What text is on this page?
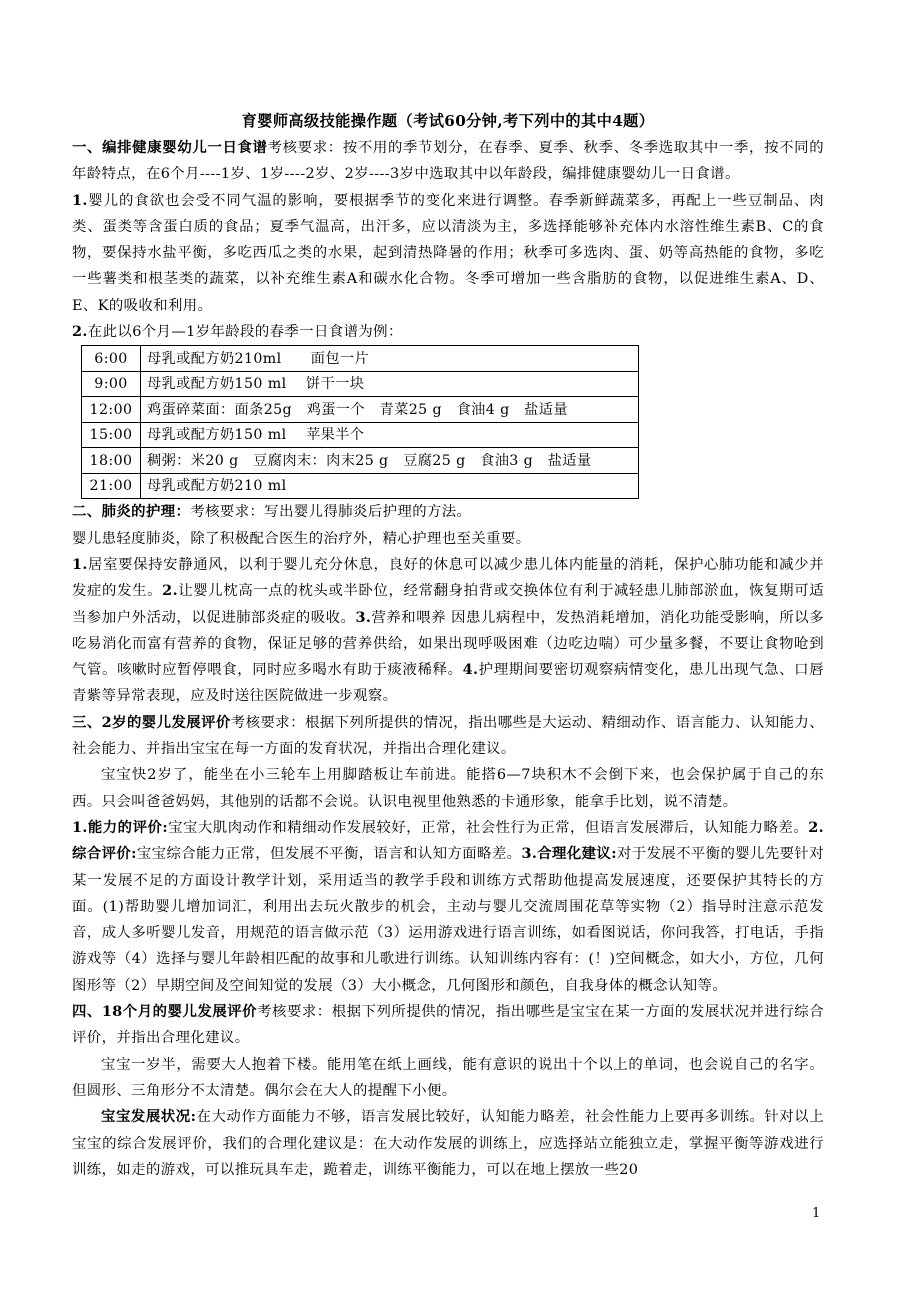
育婴师高级技能操作题（考试60分钟,考下列中的其中4题）

一、编排健康婴幼儿一日食谱考核要求：按不用的季节划分，在春季、夏季、秋季、冬季选取其中一季，按不同的年龄特点，在6个月----1岁、1岁----2岁、2岁----3岁中选取其中以年龄段，编排健康婴幼儿一日食谱。

1.婴儿的食欲也会受不同气温的影响，要根据季节的变化来进行调整。春季新鲜蔬菜多，再配上一些豆制品、肉类、蛋类等含蛋白质的食品；夏季气温高，出汗多，应以清淡为主，多选择能够补充体内水溶性维生素B、C的食物，要保持水盐平衡，多吃西瓜之类的水果，起到清热降暑的作用；秋季可多选肉、蛋、奶等高热能的食物，多吃一些薯类和根茎类的蔬菜，以补充维生素A和碳水化合物。冬季可增加一些含脂肪的食物，以促进维生素A、D、E、K的吸收和利用。

2.在此以6个月—1岁年龄段的春季一日食谱为例：

6:00	母乳或配方奶210ml　　面包一片
9:00	母乳或配方奶150 ml　 饼干一块
12:00	鸡蛋碎菜面：面条25g　鸡蛋一个　青菜25 g　食油4 g　盐适量
15:00	母乳或配方奶150 ml　 苹果半个
18:00	稠粥：米20 g　豆腐肉末：肉末25 g　豆腐25 g　食油3 g　盐适量
21:00	母乳或配方奶210 ml

二、肺炎的护理：考核要求：写出婴儿得肺炎后护理的方法。

婴儿患轻度肺炎，除了积极配合医生的治疗外，精心护理也至关重要。

1.居室要保持安静通风，以利于婴儿充分休息，良好的休息可以减少患儿体内能量的消耗，保护心肺功能和减少并发症的发生。2.让婴儿枕高一点的枕头或半卧位，经常翻身拍背或交换体位有利于减轻患儿肺部淤血，恢复期可适当参加户外活动，以促进肺部炎症的吸收。3.营养和喂养 因患儿病程中，发热消耗增加，消化功能受影响，所以多吃易消化而富有营养的食物，保证足够的营养供给，如果出现呼吸困难（边吃边喘）可少量多餐，不要让食物呛到气管。咳嗽时应暂停喂食，同时应多喝水有助于痰液稀释。4.护理期间要密切观察病情变化，患儿出现气急、口唇青紫等异常表现，应及时送往医院做进一步观察。

三、2岁的婴儿发展评价考核要求：根据下列所提供的情况，指出哪些是大运动、精细动作、语言能力、认知能力、社会能力、并指出宝宝在每一方面的发育状况，并指出合理化建议。

宝宝快2岁了，能坐在小三轮车上用脚踏板让车前进。能搭6—7块积木不会倒下来，也会保护属于自己的东西。只会叫爸爸妈妈，其他别的话都不会说。认识电视里他熟悉的卡通形象，能拿手比划，说不清楚。

1.能力的评价:宝宝大肌肉动作和精细动作发展较好，正常，社会性行为正常，但语言发展滞后，认知能力略差。2.综合评价:宝宝综合能力正常，但发展不平衡，语言和认知方面略差。3.合理化建议:对于发展不平衡的婴儿先要针对某一发展不足的方面设计教学计划，采用适当的教学手段和训练方式帮助他提高发展速度，还要保护其特长的方面。(1)帮助婴儿增加词汇，利用出去玩火散步的机会，主动与婴儿交流周围花草等实物（2）指导时注意示范发音，成人多听婴儿发音，用规范的语言做示范（3）运用游戏进行语言训练，如看图说话，你问我答，打电话，手指游戏等（4）选择与婴儿年龄相匹配的故事和儿歌进行训练。认知训练内容有：(！)空间概念，如大小，方位，几何图形等（2）早期空间及空间知觉的发展（3）大小概念，几何图形和颜色，自我身体的概念认知等。

四、18个月的婴儿发展评价考核要求：根据下列所提供的情况，指出哪些是宝宝在某一方面的发展状况并进行综合评价，并指出合理化建议。

宝宝一岁半，需要大人抱着下楼。能用笔在纸上画线，能有意识的说出十个以上的单词，也会说自己的名字。但圆形、三角形分不太清楚。偶尔会在大人的提醒下小便。

宝宝发展状况:在大动作方面能力不够，语言发展比较好，认知能力略差，社会性能力上要再多训练。针对以上宝宝的综合发展评价，我们的合理化建议是：在大动作发展的训练上，应选择站立能独立走，掌握平衡等游戏进行训练，如走的游戏，可以推玩具车走，跪着走，训练平衡能力，可以在地上摆放一些20

1
